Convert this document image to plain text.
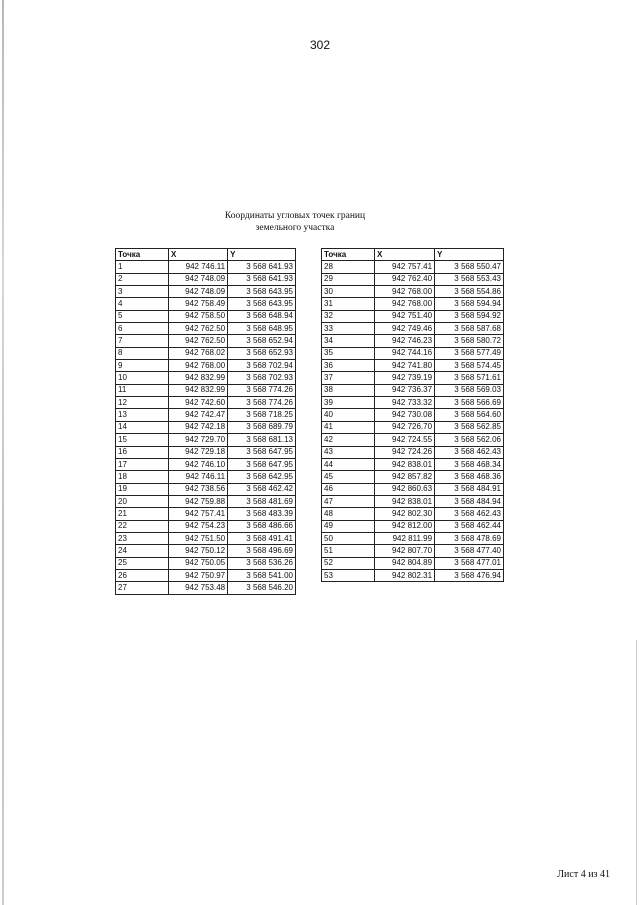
302
Координаты угловых точек границ
земельного участка
Точка	X	Y
1	942 746.11	3 568 641.93
2	942 748.09	3 568 641.93
3	942 748.09	3 568 643.95
4	942 758.49	3 568 643.95
5	942 758.50	3 568 648.94
6	942 762.50	3 568 648.95
7	942 762.50	3 568 652.94
8	942 768.02	3 568 652.93
9	942 768.00	3 568 702.94
10	942 832.99	3 568 702.93
11	942 832.99	3 568 774.26
12	942 742.60	3 568 774.26
13	942 742.47	3 568 718.25
14	942 742.18	3 568 689.79
15	942 729.70	3 568 681.13
16	942 729.18	3 568 647.95
17	942 746.10	3 568 647.95
18	942 746.11	3 568 642.95
19	942 738.56	3 568 462.42
20	942 759.88	3 568 481.69
21	942 757.41	3 568 483.39
22	942 754.23	3 568 486.66
23	942 751.50	3 568 491.41
24	942 750.12	3 568 496.69
25	942 750.05	3 568 536.26
26	942 750.97	3 568 541.00
27	942 753.48	3 568 546.20
Точка	X	Y
28	942 757.41	3 568 550.47
29	942 762.40	3 568 553.43
30	942 768.00	3 568 554.86
31	942 768.00	3 568 594.94
32	942 751.40	3 568 594.92
33	942 749.46	3 568 587.68
34	942 746.23	3 568 580.72
35	942 744.16	3 568 577.49
36	942 741.80	3 568 574.45
37	942 739.19	3 568 571.61
38	942 736.37	3 568 569.03
39	942 733.32	3 568 566.69
40	942 730.08	3 568 564.60
41	942 726.70	3 568 562.85
42	942 724.55	3 568 562.06
43	942 724.26	3 568 462.43
44	942 838.01	3 568 468.34
45	942 857.82	3 568 468.36
46	942 860.63	3 568 484.91
47	942 838.01	3 568 484.94
48	942 802.30	3 568 462.43
49	942 812.00	3 568 462.44
50	942 811.99	3 568 478.69
51	942 807.70	3 568 477.40
52	942 804.89	3 568 477.01
53	942 802.31	3 568 476.94
Лист 4 из 41
